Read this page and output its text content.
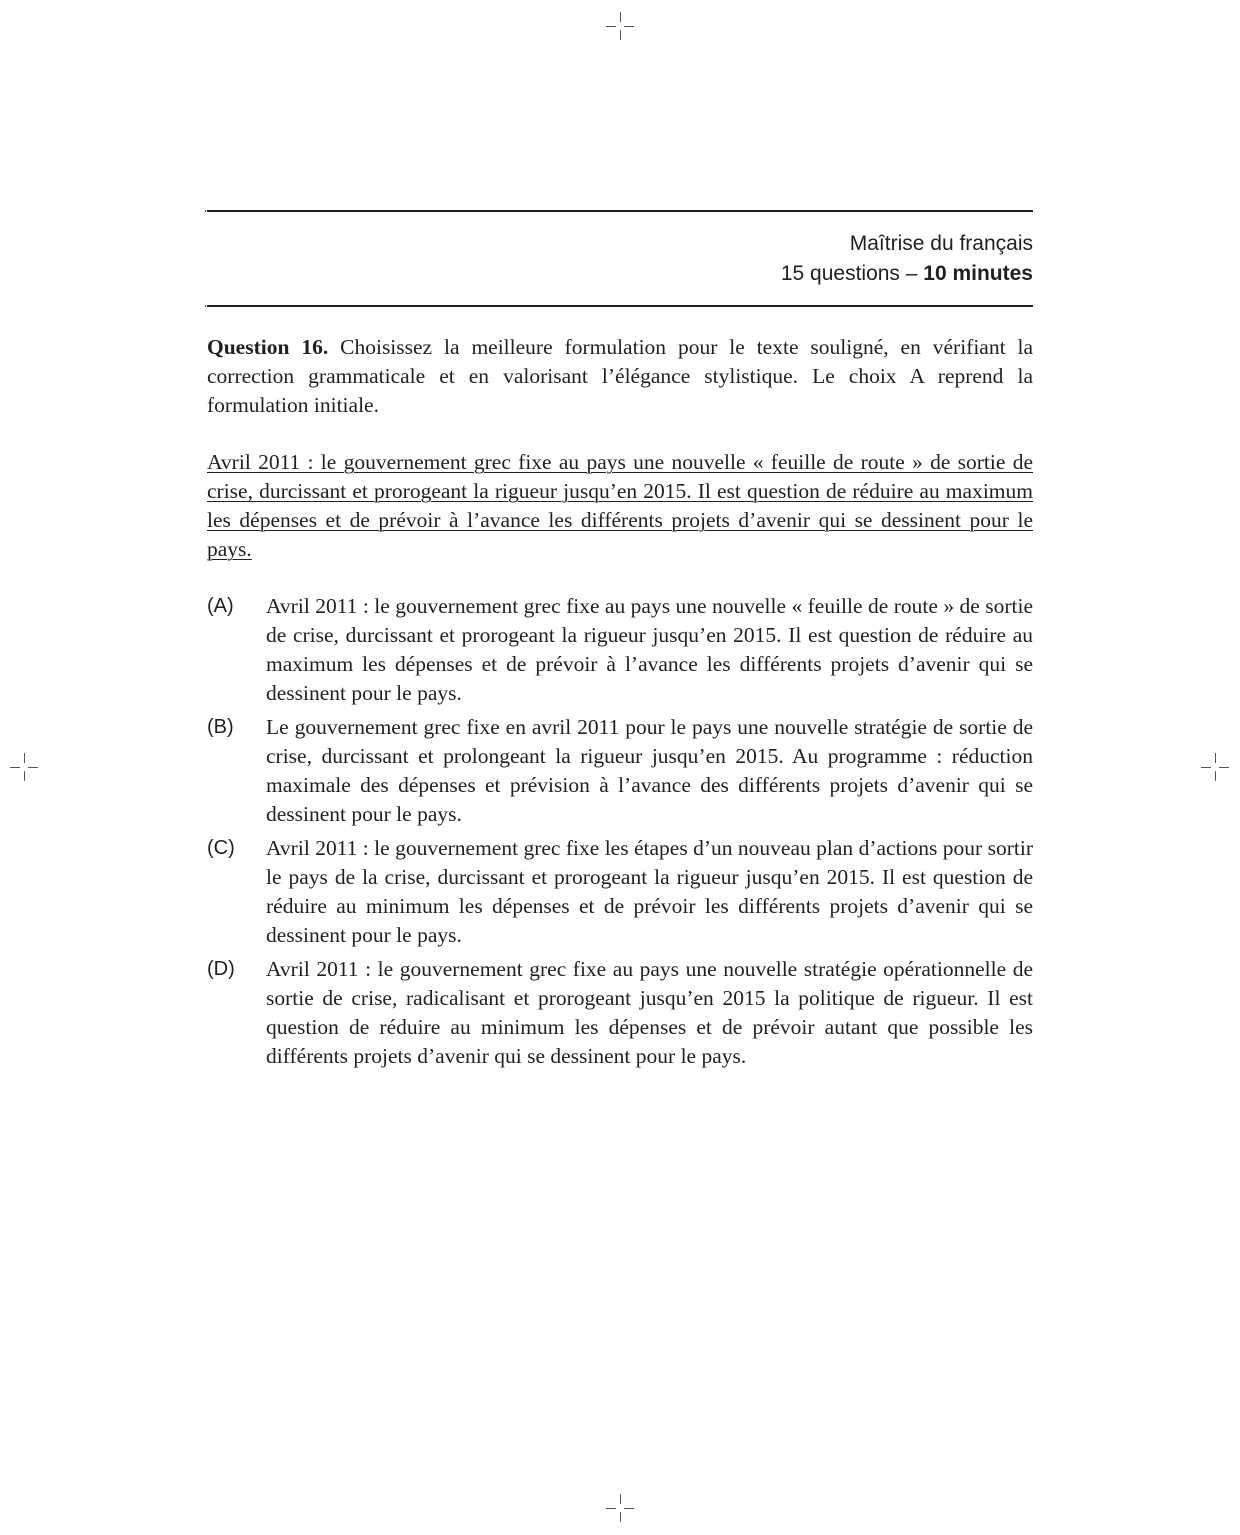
Maîtrise du français
15 questions – 10 minutes
Question 16. Choisissez la meilleure formulation pour le texte souligné, en vérifiant la correction grammaticale et en valorisant l’élégance stylistique. Le choix A reprend la formulation initiale.
Avril 2011 : le gouvernement grec fixe au pays une nouvelle « feuille de route » de sortie de crise, durcissant et prorogeant la rigueur jusqu’en 2015. Il est question de réduire au maximum les dépenses et de prévoir à l’avance les différents projets d’avenir qui se dessinent pour le pays.
(A)	Avril 2011 : le gouvernement grec fixe au pays une nouvelle « feuille de route » de sortie de crise, durcissant et prorogeant la rigueur jusqu’en 2015. Il est question de réduire au maximum les dépenses et de prévoir à l’avance les différents projets d’avenir qui se dessinent pour le pays.
(B)	Le gouvernement grec fixe en avril 2011 pour le pays une nouvelle stratégie de sortie de crise, durcissant et prolongeant la rigueur jusqu’en 2015. Au programme : réduction maximale des dépenses et prévision à l’avance des différents projets d’avenir qui se dessinent pour le pays.
(C)	Avril 2011 : le gouvernement grec fixe les étapes d’un nouveau plan d’actions pour sortir le pays de la crise, durcissant et prorogeant la rigueur jusqu’en 2015. Il est question de réduire au minimum les dépenses et de prévoir les différents projets d’avenir qui se dessinent pour le pays.
(D)	Avril 2011 : le gouvernement grec fixe au pays une nouvelle stratégie opérationnelle de sortie de crise, radicalisant et prorogeant jusqu’en 2015 la politique de rigueur. Il est question de réduire au minimum les dépenses et de prévoir autant que possible les différents projets d’avenir qui se dessinent pour le pays.
